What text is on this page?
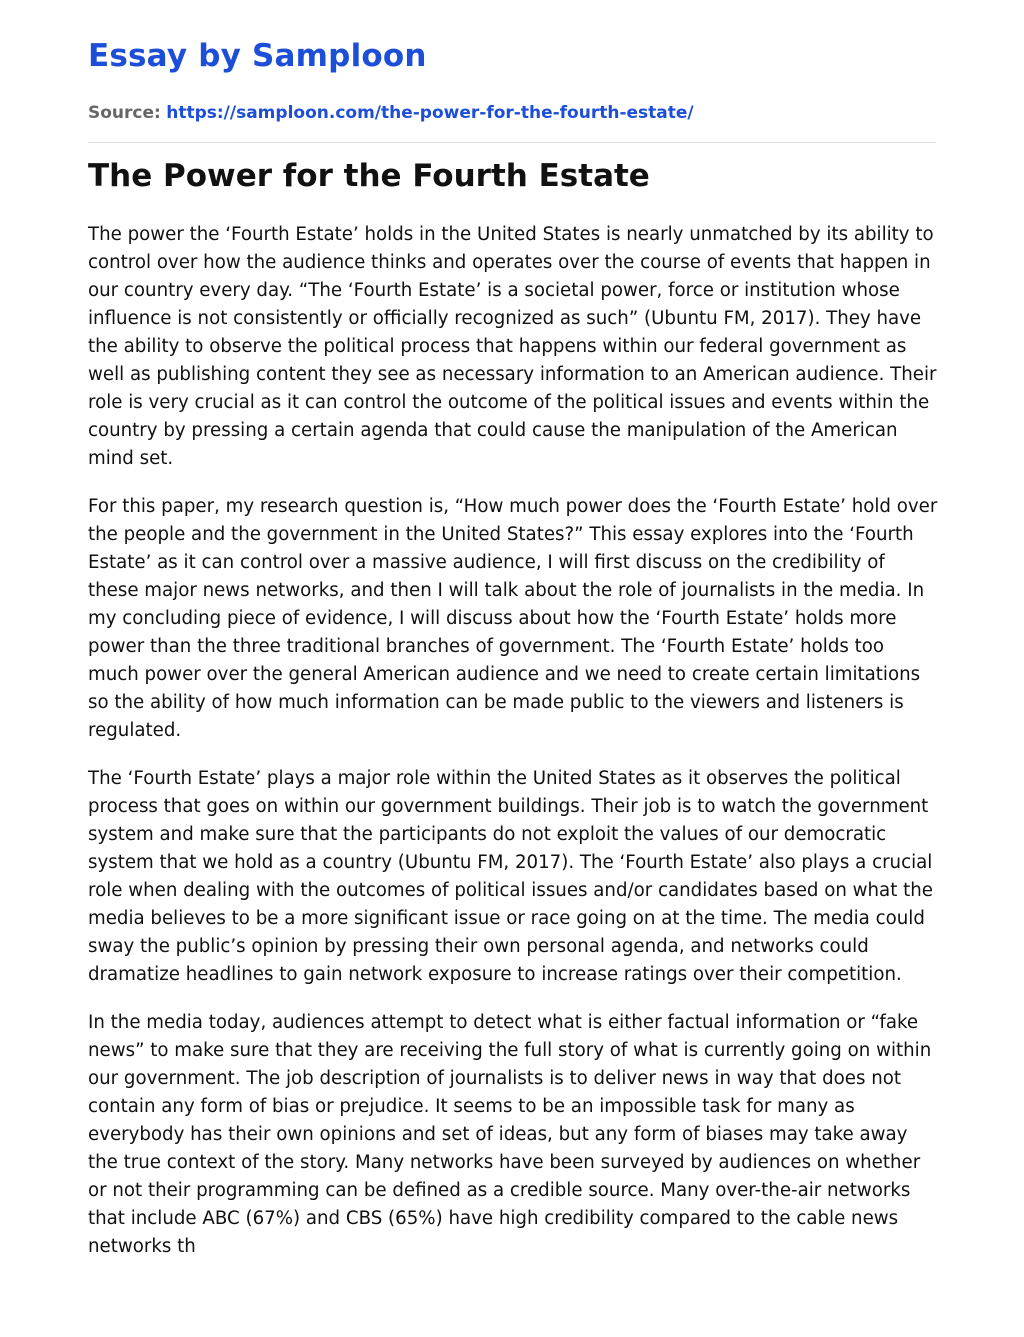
Essay by Samploon
Source: https://samploon.com/the-power-for-the-fourth-estate/
The Power for the Fourth Estate

The power the ‘Fourth Estate’ holds in the United States is nearly unmatched by its ability to control over how the audience thinks and operates over the course of events that happen in our country every day. “The ‘Fourth Estate’ is a societal power, force or institution whose influence is not consistently or officially recognized as such” (Ubuntu FM, 2017). They have the ability to observe the political process that happens within our federal government as well as publishing content they see as necessary information to an American audience. Their role is very crucial as it can control the outcome of the political issues and events within the country by pressing a certain agenda that could cause the manipulation of the American mind set.

For this paper, my research question is, “How much power does the ‘Fourth Estate’ hold over the people and the government in the United States?” This essay explores into the ‘Fourth Estate’ as it can control over a massive audience, I will first discuss on the credibility of these major news networks, and then I will talk about the role of journalists in the media. In my concluding piece of evidence, I will discuss about how the ‘Fourth Estate’ holds more power than the three traditional branches of government. The ‘Fourth Estate’ holds too much power over the general American audience and we need to create certain limitations so the ability of how much information can be made public to the viewers and listeners is regulated.

The ‘Fourth Estate’ plays a major role within the United States as it observes the political process that goes on within our government buildings. Their job is to watch the government system and make sure that the participants do not exploit the values of our democratic system that we hold as a country (Ubuntu FM, 2017). The ‘Fourth Estate’ also plays a crucial role when dealing with the outcomes of political issues and/or candidates based on what the media believes to be a more significant issue or race going on at the time. The media could sway the public’s opinion by pressing their own personal agenda, and networks could dramatize headlines to gain network exposure to increase ratings over their competition.

In the media today, audiences attempt to detect what is either factual information or “fake news” to make sure that they are receiving the full story of what is currently going on within our government. The job description of journalists is to deliver news in way that does not contain any form of bias or prejudice. It seems to be an impossible task for many as everybody has their own opinions and set of ideas, but any form of biases may take away the true context of the story. Many networks have been surveyed by audiences on whether or not their programming can be defined as a credible source. Many over-the-air networks that include ABC (67%) and CBS (65%) have high credibility compared to the cable news networks th
